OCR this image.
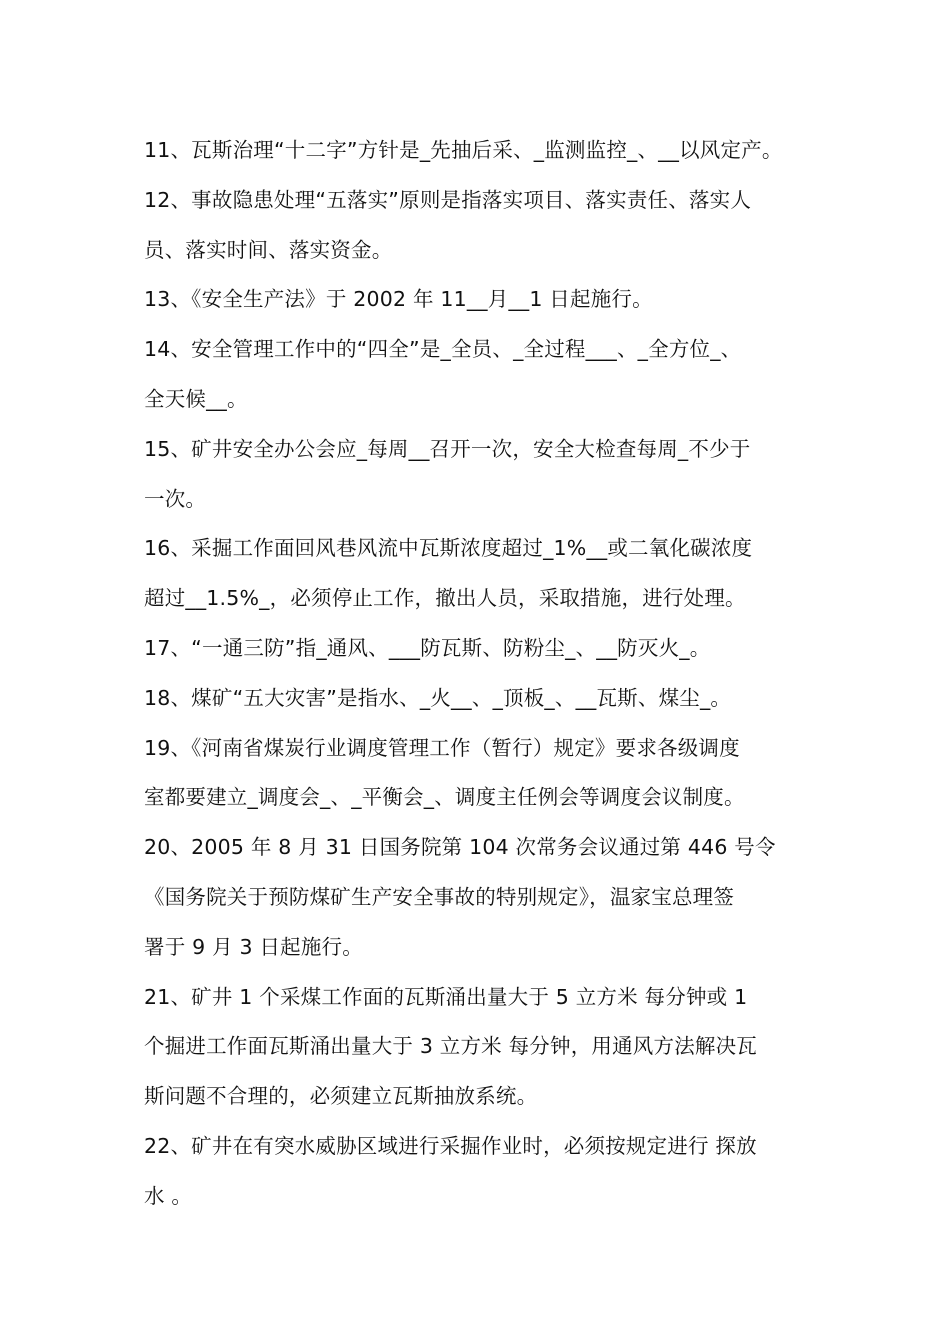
11、瓦斯治理“十二字”方针是_先抽后采、_监测监控_、__以风定产。
12、事故隐患处理“五落实”原则是指落实项目、落实责任、落实人
员、落实时间、落实资金。
13、《安全生产法》于 2002 年 11__月__1 日起施行。
14、安全管理工作中的“四全”是_全员、_全过程___、_全方位_、
全天候__。
15、矿井安全办公会应_每周__召开一次，安全大检查每周_不少于
一次。
16、采掘工作面回风巷风流中瓦斯浓度超过_1%__或二氧化碳浓度
超过__1.5%_，必须停止工作，撤出人员，采取措施，进行处理。
17、“一通三防”指_通风、___防瓦斯、防粉尘_、__防灭火_。
18、煤矿“五大灾害”是指水、_火__、_顶板_、__瓦斯、煤尘_。
19、《河南省煤炭行业调度管理工作（暂行）规定》要求各级调度
室都要建立_调度会_、_平衡会_、调度主任例会等调度会议制度。
20、2005 年 8 月 31 日国务院第 104 次常务会议通过第 446 号令
《国务院关于预防煤矿生产安全事故的特别规定》，温家宝总理签
署于 9 月 3 日起施行。
21、矿井 1 个采煤工作面的瓦斯涌出量大于 5 立方米 每分钟或 1
个掘进工作面瓦斯涌出量大于 3 立方米 每分钟，用通风方法解决瓦
斯问题不合理的，必须建立瓦斯抽放系统。
22、矿井在有突水威胁区域进行采掘作业时，必须按规定进行 探放
水 。
